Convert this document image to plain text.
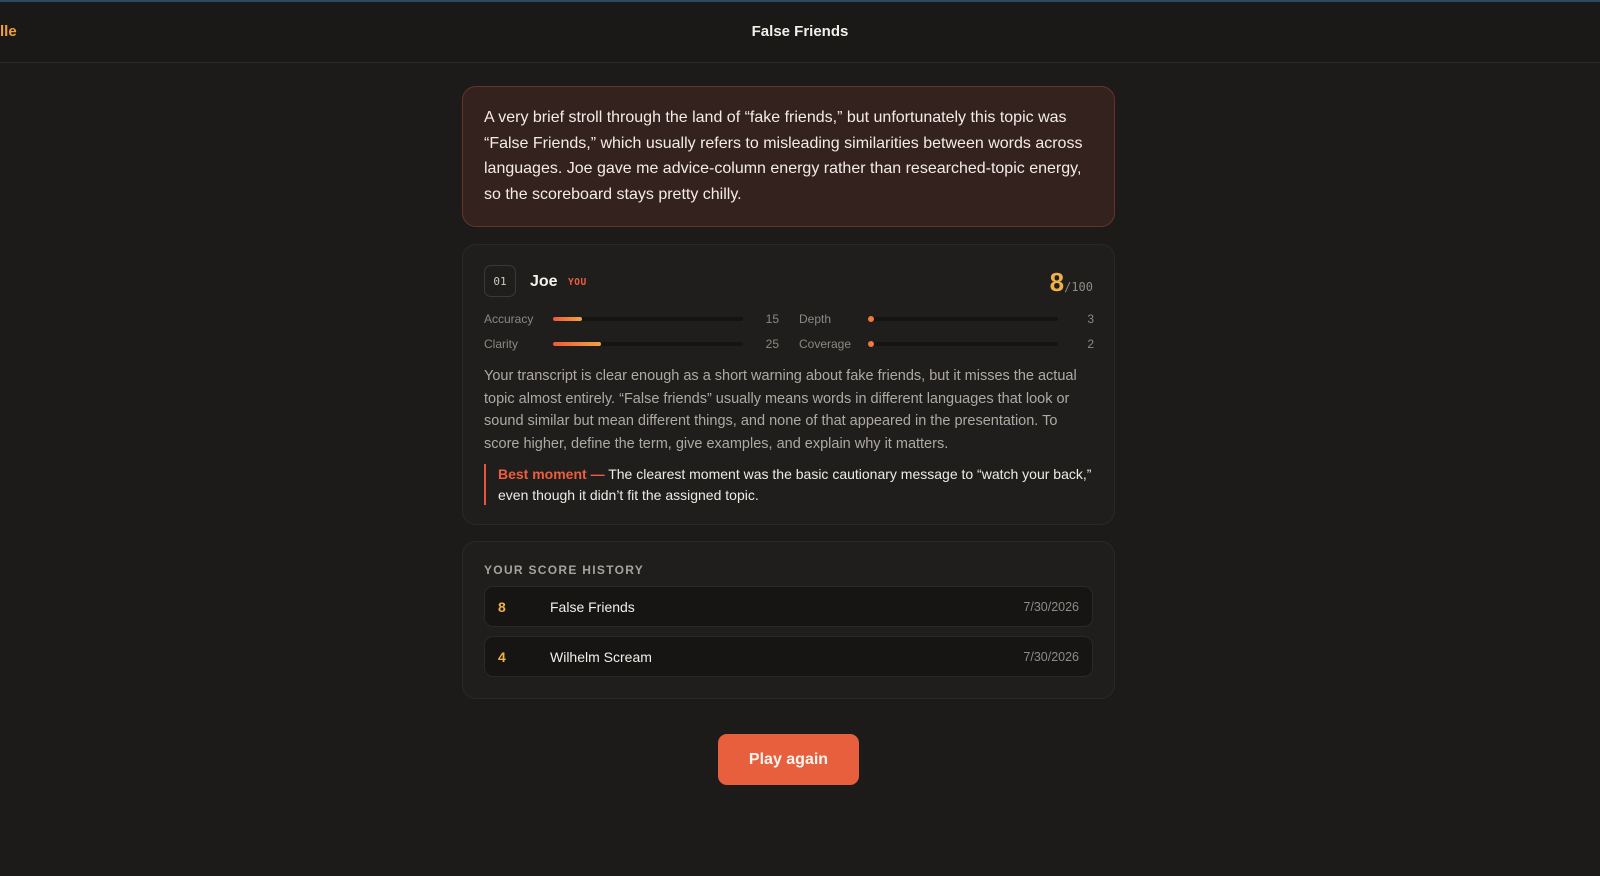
lle	False Friends

A very brief stroll through the land of “fake friends,” but unfortunately this topic was “False Friends,” which usually refers to misleading similarities between words across languages. Joe gave me advice-column energy rather than researched-topic energy, so the scoreboard stays pretty chilly.

01	Joe YOU	8/100
Accuracy	15 Depth	3
Clarity	25 Coverage	2

Your transcript is clear enough as a short warning about fake friends, but it misses the actual topic almost entirely. “False friends” usually means words in different languages that look or sound similar but mean different things, and none of that appeared in the presentation. To score higher, define the term, give examples, and explain why it matters.

Best moment — The clearest moment was the basic cautionary message to “watch your back,” even though it didn’t fit the assigned topic.
YOUR SCORE HISTORY
8	False Friends	7/30/2026
4	Wilhelm Scream	7/30/2026
Play again
